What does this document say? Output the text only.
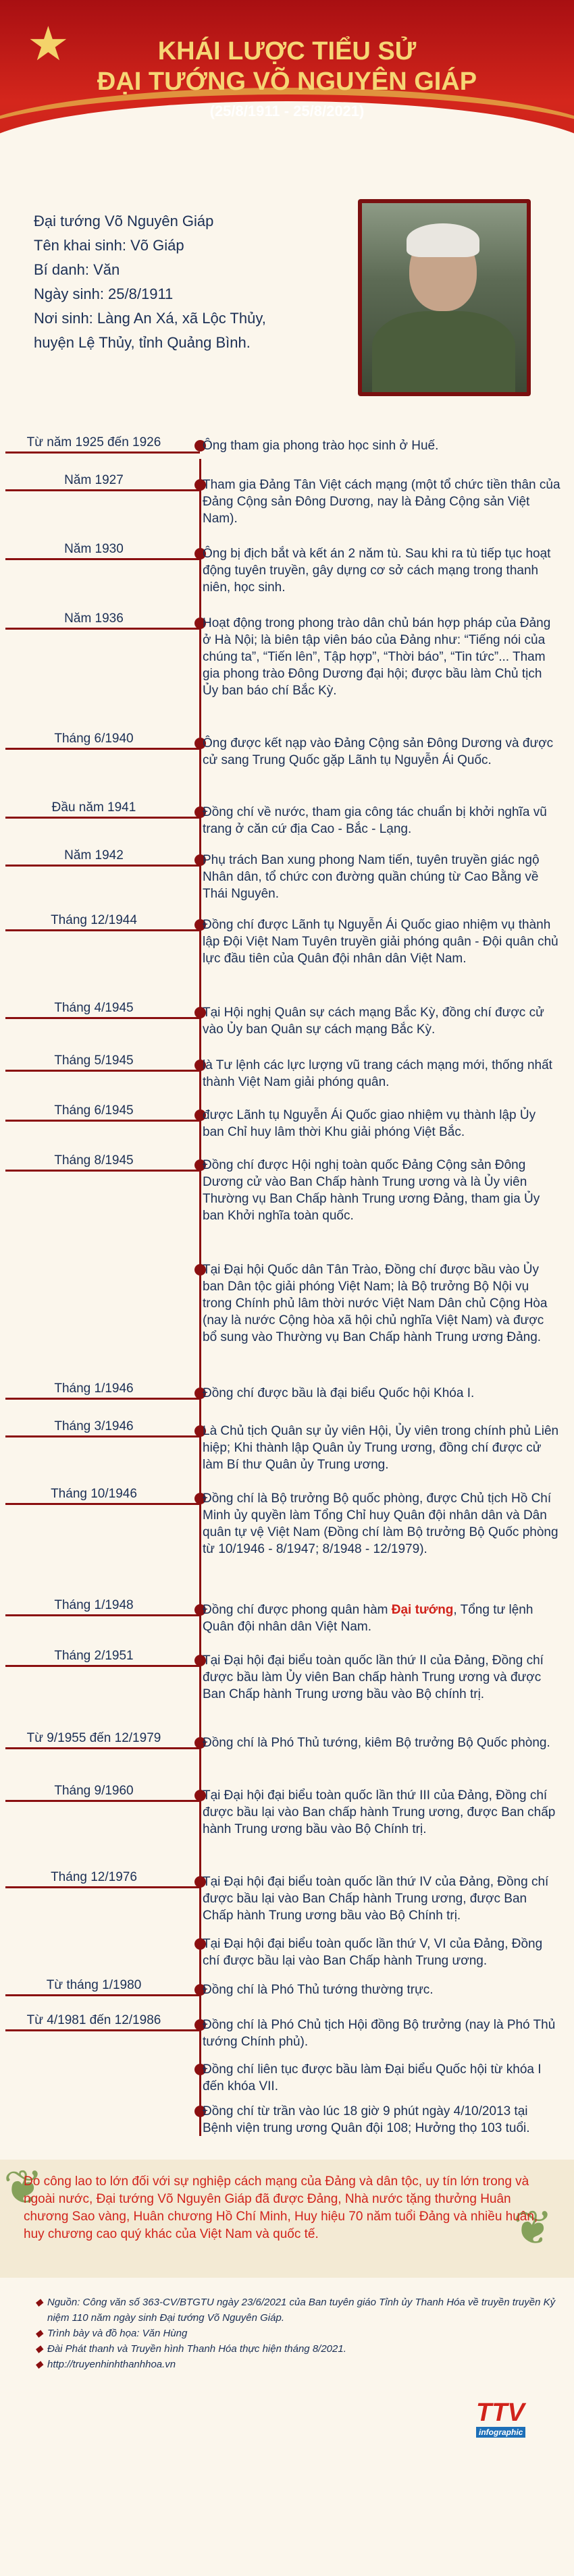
★	KHÁI LƯỢC TIỂU SỬ
ĐẠI TƯỚNG VÕ NGUYÊN GIÁP
(25/8/1911 - 25/8/2021)
Đại tướng Võ Nguyên Giáp
Tên khai sinh: Võ Giáp
Bí danh: Văn
Ngày sinh: 25/8/1911
Nơi sinh: Làng An Xá, xã Lộc Thủy,
huyện Lệ Thủy, tỉnh Quảng Bình.
Từ năm 1925 đến 1926	Ông tham gia phong trào học sinh ở Huế.
Năm 1927	Tham gia Đảng Tân Việt cách mạng (một tổ chức tiền thân của Đảng Cộng sản Đông Dương, nay là Đảng Cộng sản Việt Nam).
Năm 1930	Ông bị địch bắt và kết án 2 năm tù. Sau khi ra tù tiếp tục hoạt động tuyên truyền, gây dựng cơ sở cách mạng trong thanh niên, học sinh.
Năm 1936	Hoạt động trong phong trào dân chủ bán hợp pháp của Đảng ở Hà Nội; là biên tập viên báo của Đảng như: “Tiếng nói của chúng ta”, “Tiến lên”, Tập hợp”, “Thời báo”, “Tin tức”... Tham gia phong trào Đông Dương đại hội; được bầu làm Chủ tịch Ủy ban báo chí Bắc Kỳ.
Tháng 6/1940	Ông được kết nạp vào Đảng Cộng sản Đông Dương và được cử sang Trung Quốc gặp Lãnh tụ Nguyễn Ái Quốc.
Đầu năm 1941	Đồng chí về nước, tham gia công tác chuẩn bị khởi nghĩa vũ trang ở căn cứ địa Cao - Bắc - Lạng.
Năm 1942	Phụ trách Ban xung phong Nam tiến, tuyên truyền giác ngộ Nhân dân, tổ chức con đường quần chúng từ Cao Bằng về Thái Nguyên.
Tháng 12/1944	Đồng chí được Lãnh tụ Nguyễn Ái Quốc giao nhiệm vụ thành lập Đội Việt Nam Tuyên truyền giải phóng quân - Đội quân chủ lực đầu tiên của Quân đội nhân dân Việt Nam.
Tháng 4/1945	Tại Hội nghị Quân sự cách mạng Bắc Kỳ, đồng chí được cử vào Ủy ban Quân sự cách mạng Bắc Kỳ.
Tháng 5/1945	là Tư lệnh các lực lượng vũ trang cách mạng mới, thống nhất thành Việt Nam giải phóng quân.
Tháng 6/1945	được Lãnh tụ Nguyễn Ái Quốc giao nhiệm vụ thành lập Ủy ban Chỉ huy lâm thời Khu giải phóng Việt Bắc.
Tháng 8/1945	Đồng chí được Hội nghị toàn quốc Đảng Cộng sản Đông Dương cử vào Ban Chấp hành Trung ương và là Ủy viên Thường vụ Ban Chấp hành Trung ương Đảng, tham gia Ủy ban Khởi nghĩa toàn quốc.
Tại Đại hội Quốc dân Tân Trào, Đồng chí được bầu vào Ủy ban Dân tộc giải phóng Việt Nam; là Bộ trưởng Bộ Nội vụ trong Chính phủ lâm thời nước Việt Nam Dân chủ Cộng Hòa (nay là nước Cộng hòa xã hội chủ nghĩa Việt Nam) và được bổ sung vào Thường vụ Ban Chấp hành Trung ương Đảng.
Tháng 1/1946	Đồng chí được bầu là đại biểu Quốc hội Khóa I.
Tháng 3/1946	Là Chủ tịch Quân sự ủy viên Hội, Ủy viên trong chính phủ Liên hiệp; Khi thành lập Quân ủy Trung ương, đồng chí được cử làm Bí thư Quân ủy Trung ương.
Tháng 10/1946	Đồng chí là Bộ trưởng Bộ quốc phòng, được Chủ tịch Hồ Chí Minh ủy quyền làm Tổng Chỉ huy Quân đội nhân dân và Dân quân tự vệ Việt Nam (Đồng chí làm Bộ trưởng Bộ Quốc phòng từ 10/1946 - 8/1947; 8/1948 - 12/1979).
Tháng 1/1948	Đồng chí được phong quân hàm Đại tướng, Tổng tư lệnh Quân đội nhân dân Việt Nam.
Tháng 2/1951	Tại Đại hội đại biểu toàn quốc lần thứ II của Đảng, Đồng chí được bầu làm Ủy viên Ban chấp hành Trung ương và được Ban Chấp hành Trung ương bầu vào Bộ chính trị.
Từ 9/1955 đến 12/1979	Đồng chí là Phó Thủ tướng, kiêm Bộ trưởng Bộ Quốc phòng.
Tháng 9/1960	Tại Đại hội đại biểu toàn quốc lần thứ III của Đảng, Đồng chí được bầu lại vào Ban chấp hành Trung ương, được Ban chấp hành Trung ương bầu vào Bộ Chính trị.
Tháng 12/1976	Tại Đại hội đại biểu toàn quốc lần thứ IV của Đảng, Đồng chí được bầu lại vào Ban Chấp hành Trung ương, được Ban Chấp hành Trung ương bầu vào Bộ Chính trị.
Tại Đại hội đại biểu toàn quốc lần thứ V, VI của Đảng, Đồng chí được bầu lại vào Ban Chấp hành Trung ương.
Từ tháng 1/1980	Đồng chí là Phó Thủ tướng thường trực.
Từ 4/1981 đến 12/1986	Đồng chí là Phó Chủ tịch Hội đồng Bộ trưởng (nay là Phó Thủ tướng Chính phủ).
Đồng chí liên tục được bầu làm Đại biểu Quốc hội từ khóa I đến khóa VII.
Đồng chí từ trần vào lúc 18 giờ 9 phút ngày 4/10/2013 tại Bệnh viện trung ương Quân đội 108; Hưởng thọ 103 tuổi.
❦
❦
Do công lao to lớn đối với sự nghiệp cách mạng của Đảng và dân tộc, uy tín lớn trong và ngoài nước, Đại tướng Võ Nguyên Giáp đã được Đảng, Nhà nước tặng thưởng Huân chương Sao vàng, Huân chương Hồ Chí Minh, Huy hiệu 70 năm tuổi Đảng và nhiều huân, huy chương cao quý khác của Việt Nam và quốc tế.
◆ Nguồn: Công văn số 363-CV/BTGTU ngày 23/6/2021 của Ban tuyên giáo Tỉnh ủy Thanh Hóa về truyền truyền Kỷ niệm 110 năm ngày sinh Đại tướng Võ Nguyên Giáp.
◆ Trình bày và đồ họa: Văn Hùng
◆ Đài Phát thanh và Truyền hình Thanh Hóa thực hiện tháng 8/2021.
◆ http://truyenhinhthanhhoa.vn
TTV
infographic
